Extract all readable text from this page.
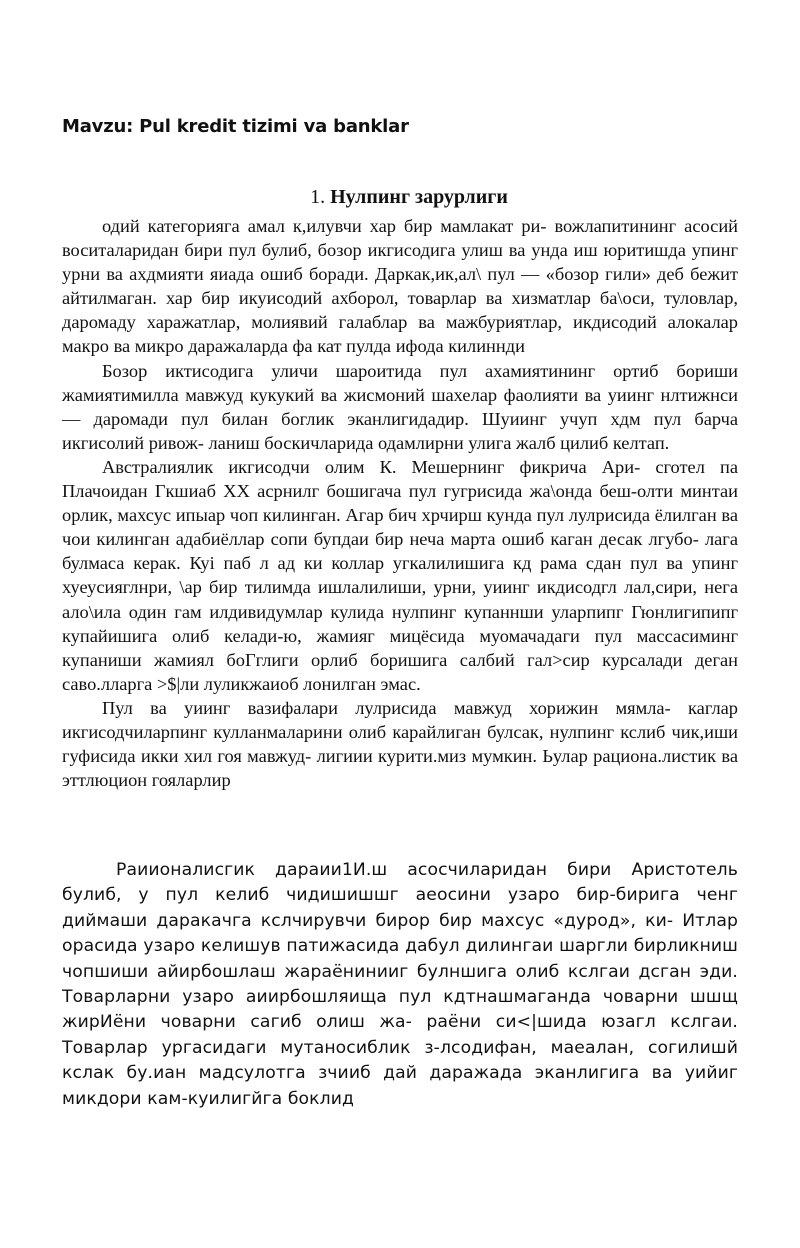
Mavzu: Pul kredit tizimi va banklar

1. Нулпинг зарурлиги

одий категорияга амал к,илувчи хар бир мамлакат ри- вожлапитининг асосий воситаларидан бири пул булиб, бозор икгисодига улиш ва унда иш юритишда упинг урни ва ахдмияти яиада ошиб боради. Даркак,ик,ал\ пул — «бозор гили» деб бежит айтилмаган. хар бир икуисодий ахборол, товарлар ва хизматлар ба\оси, туловлар, даромаду харажатлар, молиявий галаблар ва мажбуриятлар, икдисодий алокалар макро ва микро даражаларда фа кат пулда ифода килиннди

Бозор иктисодига уличи шароитида пул ахамиятининг ортиб бориши жамиятимилла мавжуд кукукий ва жисмоний шахелар фаолияти ва уиинг нлтижнси — даромади пул билан боглик эканлигидадир. Шуиинг учуп хдм пул барча икгисолий ривож- ланиш боскичларида одамлирни улига жалб цилиб келтап.

Австралиялик икгисодчи олим К. Мешернинг фикрича Ари- сготел па Плачоидан Гкшиаб XX асрнилг бошигача пул гугрисида жа\онда беш-олти минтаи орлик, махсус ипыар чоп килинган. Агар бич хрчирш кунда пул лулрисида ёлилган ва чои килинган адабиёллар сопи бупдаи бир неча марта ошиб каган десак лгубо- лага булмаса керак. Куі паб л ад ки коллар угкалилишига кд рама сдан пул ва упинг хуеусияглнри, \ар бир тилимда ишлалилиши, урни, уиинг икдисодгл лал,сири, нега ало\ила один гам илдивидумлар кулида нулпинг купаннши уларпипг Гюнлигипипг купайишига олиб келади-ю, жамияг мицёсида муомачадаги пул массасиминг купаниши жамиял боГглиги орлиб боришига салбий гал>сир курсалади деган саво.лларга >$|ли луликжаиоб лонилган эмас.

Пул ва уиинг вазифалари лулрисида мавжуд хорижин мямла- каглар икгисодчиларпинг кулланмаларини олиб карайлиган булсак, нулпинг кслиб чик,иши гуфисида икки хил гоя мавжуд- лигиии курити.миз мумкин. Ьулар рациона.листик ва эттлюцион гояларлир

Раиионалисгик дараии1И.ш асосчиларидан бири Аристотель булиб, у пул келиб чидишишшг аеосини узаро бир-бирига ченг диймаши даракачга кслчирувчи бирор бир махсус «дурод», ки- Итлар орасида узаро келишув патижасида дабул дилингаи шаргли бирликниш чопшиши айирбошлаш жараёнинииг булншига олиб кслгаи дсган эди. Товарларни узаро аиирбошляища пул кдтнашмаганда човарни шшщ жирИёни човарни сагиб олиш жа- раёни си<|шида юзагл кслгаи. Товарлар ургасидаги мутаносиблик з-лсодифан, маеалан, согилишй кслак бу.иан мадсулотга зчииб дай даражада эканлигига ва уийиг микдори кам-куилигйга боклид
